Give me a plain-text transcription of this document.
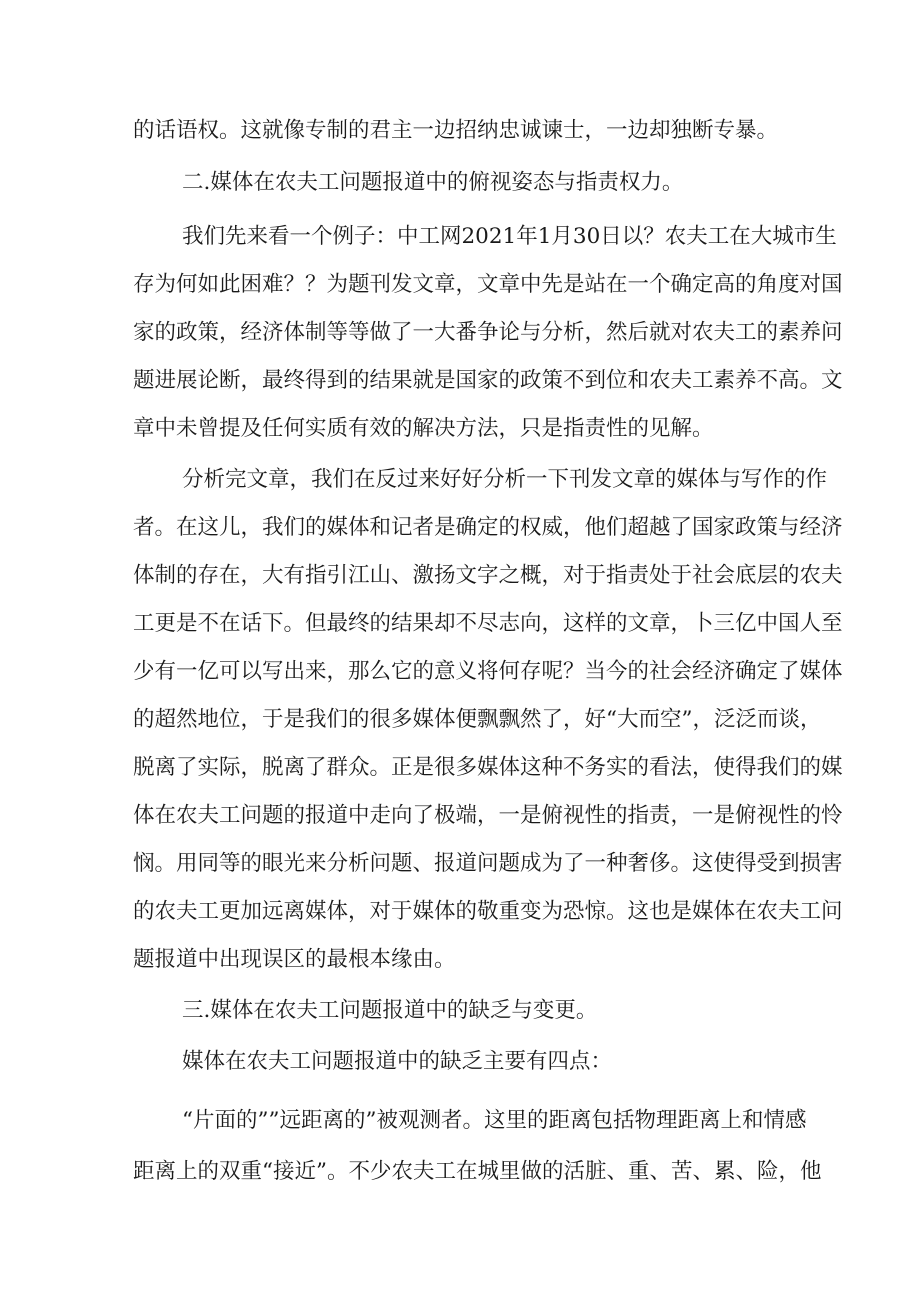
的话语权。这就像专制的君主一边招纳忠诚谏士，一边却独断专暴。

二.媒体在农夫工问题报道中的俯视姿态与指责权力。

我们先来看一个例子：中工网2021年1月30日以？农夫工在大城市生

存为何如此困难？？为题刊发文章，文章中先是站在一个确定高的角度对国

家的政策，经济体制等等做了一大番争论与分析，然后就对农夫工的素养问

题进展论断，最终得到的结果就是国家的政策不到位和农夫工素养不高。文

章中未曾提及任何实质有效的解决方法，只是指责性的见解。

分析完文章，我们在反过来好好分析一下刊发文章的媒体与写作的作

者。在这儿，我们的媒体和记者是确定的权威，他们超越了国家政策与经济

体制的存在，大有指引江山、激扬文字之概，对于指责处于社会底层的农夫

工更是不在话下。但最终的结果却不尽志向，这样的文章，卜三亿中国人至

少有一亿可以写出来，那么它的意义将何存呢？当今的社会经济确定了媒体

的超然地位，于是我们的很多媒体便飘飘然了，好“大而空”，泛泛而谈，

脱离了实际，脱离了群众。正是很多媒体这种不务实的看法，使得我们的媒

体在农夫工问题的报道中走向了极端，一是俯视性的指责，一是俯视性的怜

悯。用同等的眼光来分析问题、报道问题成为了一种奢侈。这使得受到损害

的农夫工更加远离媒体，对于媒体的敬重变为恐惊。这也是媒体在农夫工问

题报道中出现误区的最根本缘由。

三.媒体在农夫工问题报道中的缺乏与变更。

媒体在农夫工问题报道中的缺乏主要有四点：

“片面的””远距离的”被观测者。这里的距离包括物理距离上和情感

距离上的双重“接近”。不少农夫工在城里做的活脏、重、苦、累、险，他
